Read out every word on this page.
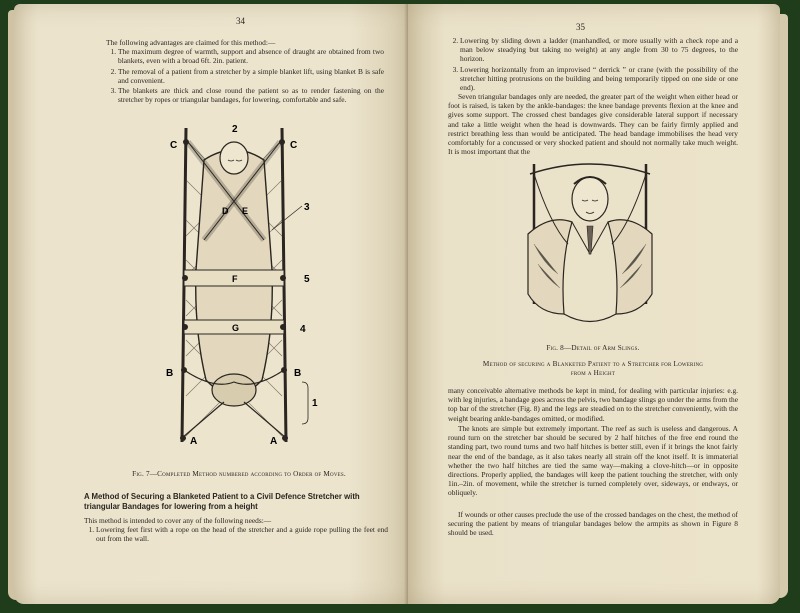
34

The following advantages are claimed for this method:—

1. The maximum degree of warmth, support and absence of draught are obtained from two blankets, even with a broad 6ft. 2in. patient.
2. The removal of a patient from a stretcher by a simple blanket lift, using blanket B is safe and convenient.
3. The blankets are thick and close round the patient so as to render fastening on the stretcher by ropes or triangular bandages, for lowering, comfortable and safe.
2
C	C
D E	3
5
F
G	4
B	B
1
A	A
Fig. 7—Completed Method numbered according to Order of Moves.
A Method of Securing a Blanketed Patient to a Civil Defence Stretcher with triangular Bandages for lowering from a height

This method is intended to cover any of the following needs:—

1. Lowering feet first with a rope on the head of the stretcher and a guide rope pulling the feet end out from the wall.
35
2. Lowering by sliding down a ladder (manhandled, or more usually with a check rope and a man below steadying but taking no weight) at any angle from 30 to 75 degrees, to the horizon.
3. Lowering horizontally from an improvised “ derrick ” or crane (with the possibility of the stretcher hitting protrusions on the building and being temporarily tipped on one side or one end).
Seven triangular bandages only are needed, the greater part of the weight when either head or foot is raised, is taken by the ankle-bandages: the knee bandage prevents flexion at the knee and gives some support. The crossed chest bandages give considerable lateral support if necessary and take a little weight when the head is downwards. They can be fairly firmly applied and restrict breathing less than would be anticipated. The head bandage immobilises the head very comfortably for a concussed or very shocked patient and should not normally take much weight. It is most important that the
Fig. 8—Detail of Arm Slings.
Method of securing a Blanketed Patient to a Stretcher for Lowering from a Height
many conceivable alternative methods be kept in mind, for dealing with particular injuries: e.g. with leg injuries, a bandage goes across the pelvis, two bandage slings go under the arms from the top bar of the stretcher (Fig. 8) and the legs are steadied on to the stretcher conveniently, with the weight bearing ankle-bandages omitted, or modified.
The knots are simple but extremely important. The reef as such is useless and dangerous. A round turn on the stretcher bar should be secured by 2 half hitches of the free end round the standing part, two round turns and two half hitches is better still, even if it brings the knot fairly near the end of the bandage, as it also takes nearly all strain off the knot itself. It is immaterial whether the two half hitches are tied the same way—making a clove-hitch—or in opposite directions. Properly applied, the bandages will keep the patient touching the stretcher, with only 1in.–2in. of movement, while the stretcher is turned completely over, sideways, or endways, or obliquely.
If wounds or other causes preclude the use of the crossed bandages on the chest, the method of securing the patient by means of triangular bandages below the armpits as shown in Figure 8 should be used.
